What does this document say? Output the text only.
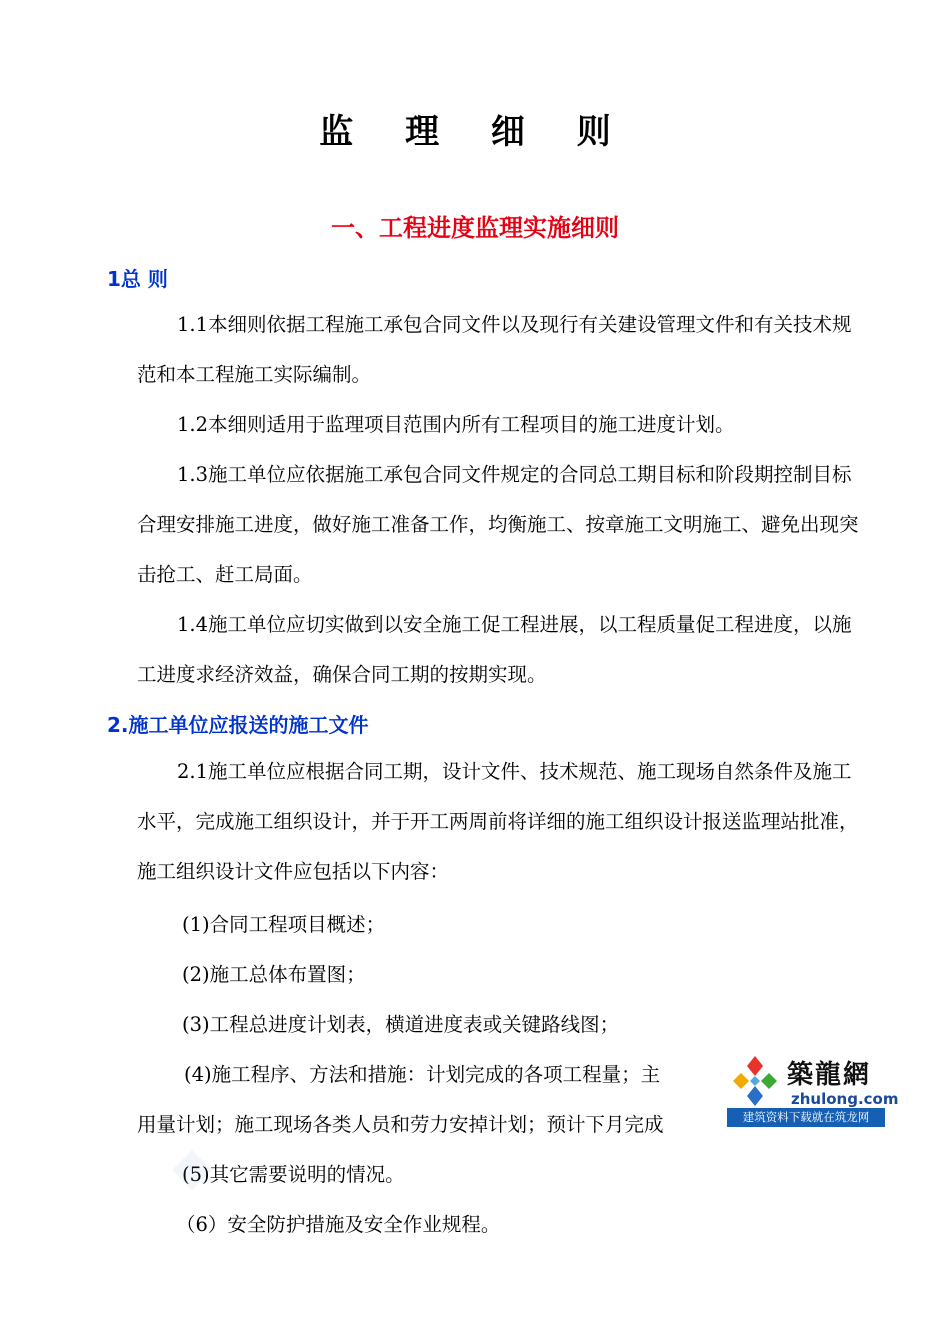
监 理 细 则
一、工程进度监理实施细则
1总 则

1.1本细则依据工程施工承包合同文件以及现行有关建设管理文件和有关技术规范和本工程施工实际编制。

1.2本细则适用于监理项目范围内所有工程项目的施工进度计划。

1.3施工单位应依据施工承包合同文件规定的合同总工期目标和阶段期控制目标合理安排施工进度，做好施工准备工作，均衡施工、按章施工文明施工、避免出现突击抢工、赶工局面。

1.4施工单位应切实做到以安全施工促工程进展，以工程质量促工程进度，以施工进度求经济效益，确保合同工期的按期实现。

2.施工单位应报送的施工文件

2.1施工单位应根据合同工期，设计文件、技术规范、施工现场自然条件及施工水平，完成施工组织设计，并于开工两周前将详细的施工组织设计报送监理站批准，施工组织设计文件应包括以下内容：

(1)合同工程项目概述；
(2)施工总体布置图；
(3)工程总进度计划表，横道进度表或关键路线图；
(4)施工程序、方法和措施：计划完成的各项工程量；主
用量计划；施工现场各类人员和劳力安掉计划；预计下月完成
(5)其它需要说明的情况。
（6）安全防护措施及安全作业规程。
築龍網
zhulong.com
建筑资料下载就在筑龙网
